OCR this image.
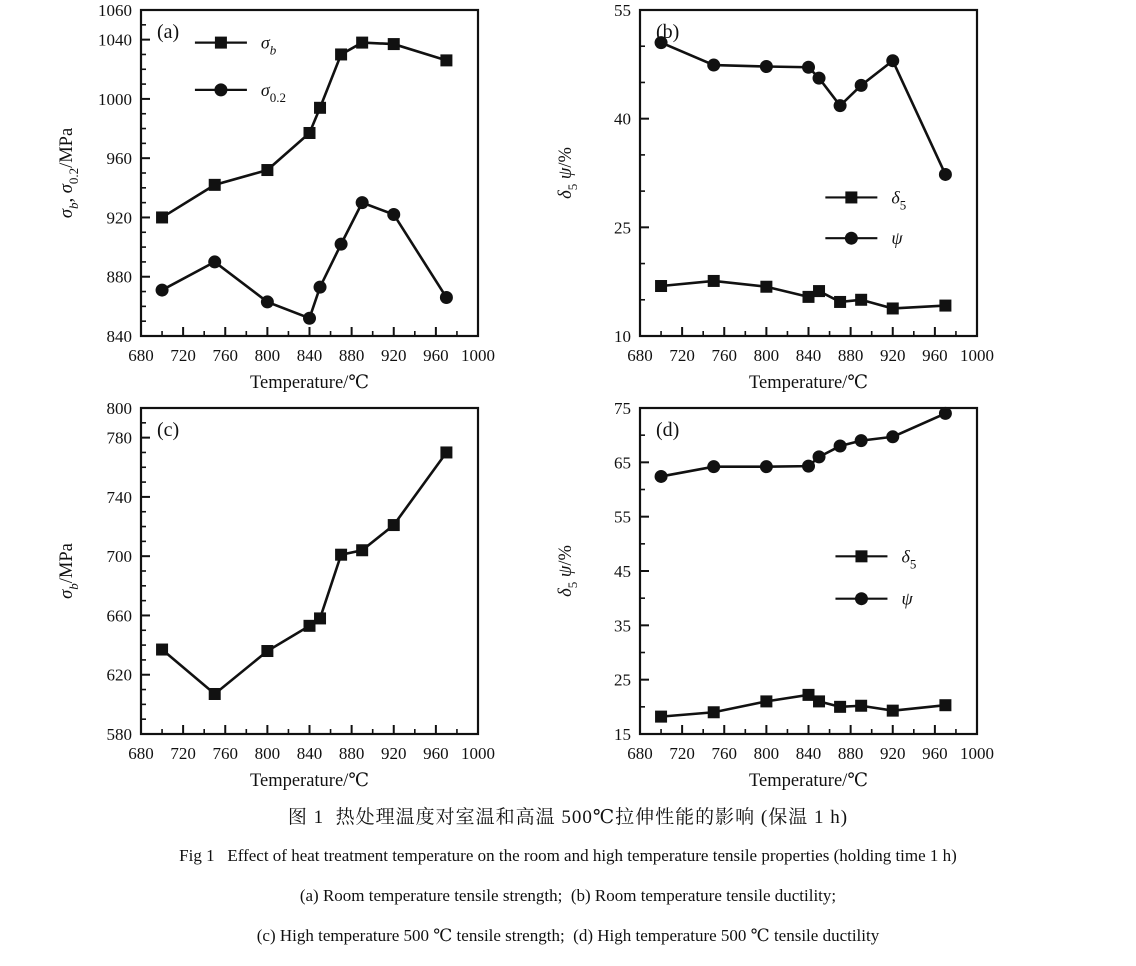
680 720 760 800 840 880 920 960 1000
840
880
920
960
1000
1040
1060
(a)	$\sigma_b$
$\sigma_{0.2}$
Temperature/℃
$\sigma_b$, $\sigma_{0.2}$/MPa
680 720 760 800 840 880 920 960 1000
10
25
40
55
(b)
$\delta_5$
ψ
Temperature/℃
$\delta_5$ ψ/%
680 720 760 800 840 880 920 960 1000
580
620
660
700
740
780
800
(c)
Temperature/℃
$\sigma_b$/MPa
680 720 760 800 840 880 920 960 1000
15
25
35
45
55
65
75
(d)
$\delta_5$
ψ
Temperature/℃
$\delta_5$ ψ/%
图 1  热处理温度对室温和高温 500℃拉伸性能的影响 (保温 1 h)
Fig 1   Effect of heat treatment temperature on the room and high temperature tensile properties (holding time 1 h)
(a) Room temperature tensile strength;  (b) Room temperature tensile ductility;
(c) High temperature 500 ℃ tensile strength;  (d) High temperature 500 ℃ tensile ductility
